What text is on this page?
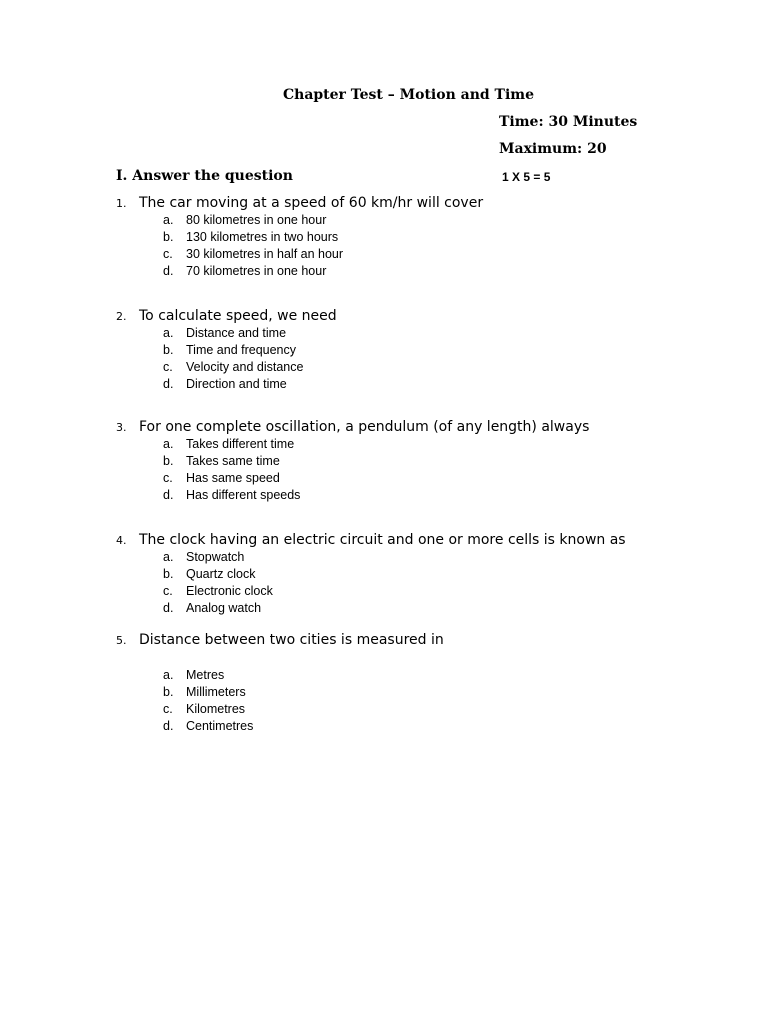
Chapter Test – Motion and Time
Time: 30 Minutes
Maximum: 20
I. Answer the question	1 X 5 = 5
1. The car moving at a speed of 60 km/hr will cover
a.	80 kilometres in one hour
b.	130 kilometres in two hours
c.	30 kilometres in half an hour
d.	70 kilometres in one hour
2. To calculate speed, we need
a.	Distance and time
b.	Time and frequency
c.	Velocity and distance
d.	Direction and time
3. For one complete oscillation, a pendulum (of any length) always
a.	Takes different time
b.	Takes same time
c.	Has same speed
d.	Has different speeds
4. The clock having an electric circuit and one or more cells is known as
a.	Stopwatch
b.	Quartz clock
c.	Electronic clock
d.	Analog watch
5. Distance between two cities is measured in
a.	Metres
b.	Millimeters
c.	Kilometres
d.	Centimetres
